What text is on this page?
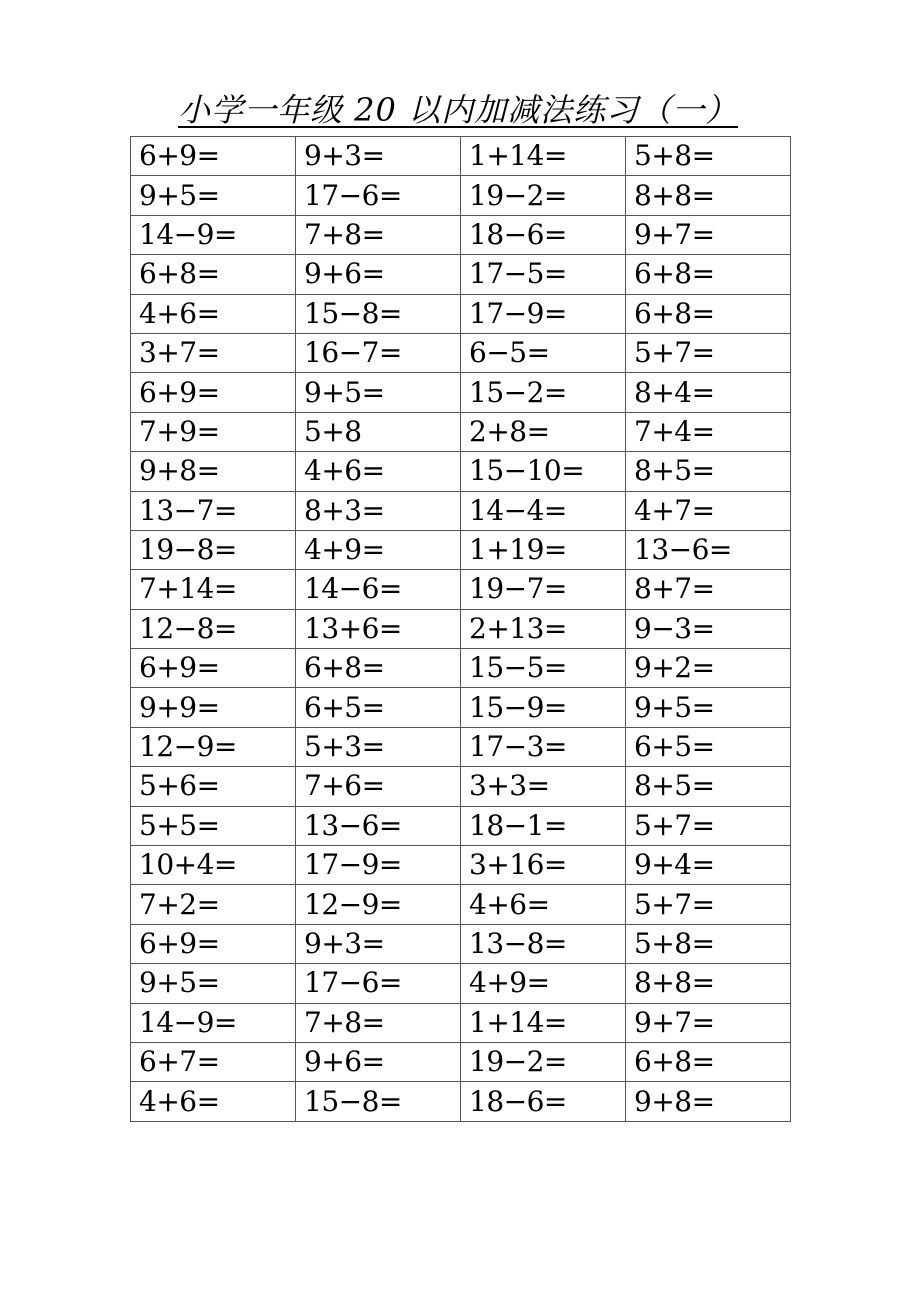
小学一年级 20 以内加减法练习（一）
6+9=	9+3=	1+14=	5+8=
9+5=	17−6=	19−2=	8+8=
14−9=	7+8=	18−6=	9+7=
6+8=	9+6=	17−5=	6+8=
4+6=	15−8=	17−9=	6+8=
3+7=	16−7=	6−5=	5+7=
6+9=	9+5=	15−2=	8+4=
7+9=	5+8	2+8=	7+4=
9+8=	4+6=	15−10=	8+5=
13−7=	8+3=	14−4=	4+7=
19−8=	4+9=	1+19=	13−6=
7+14=	14−6=	19−7=	8+7=
12−8=	13+6=	2+13=	9−3=
6+9=	6+8=	15−5=	9+2=
9+9=	6+5=	15−9=	9+5=
12−9=	5+3=	17−3=	6+5=
5+6=	7+6=	3+3=	8+5=
5+5=	13−6=	18−1=	5+7=
10+4=	17−9=	3+16=	9+4=
7+2=	12−9=	4+6=	5+7=
6+9=	9+3=	13−8=	5+8=
9+5=	17−6=	4+9=	8+8=
14−9=	7+8=	1+14=	9+7=
6+7=	9+6=	19−2=	6+8=
4+6=	15−8=	18−6=	9+8=
